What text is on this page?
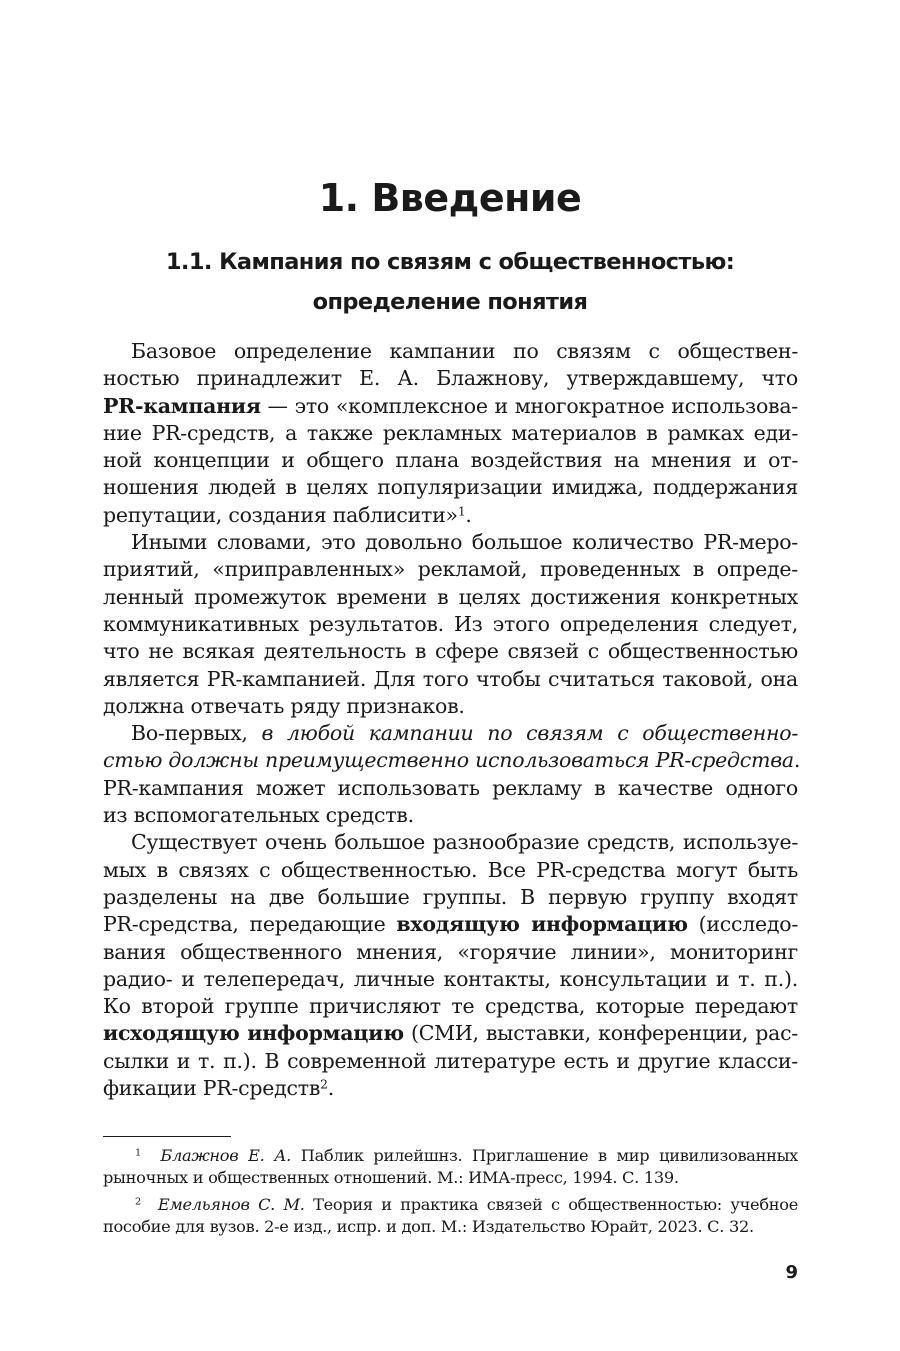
1. Введение
1.1. Кампания по связям с общественностью:
определение понятия
Базовое определение кампании по связям с обществен-
ностью принадлежит Е. А. Блажнову, утверждавшему, что
PR-кампания — это «комплексное и многократное использова-
ние PR-средств, а также рекламных материалов в рамках еди-
ной концепции и общего плана воздействия на мнения и от-
ношения людей в целях популяризации имиджа, поддержания
репутации, создания паблисити»$^1$.
Иными словами, это довольно большое количество PR-меро-
приятий, «приправленных» рекламой, проведенных в опреде-
ленный промежуток времени в целях достижения конкретных
коммуникативных результатов. Из этого определения следует,
что не всякая деятельность в сфере связей с общественностью
является PR-кампанией. Для того чтобы считаться таковой, она
должна отвечать ряду признаков.
Во-первых, в любой кампании по связям с общественно-
стью должны преимущественно использоваться PR-средства.
PR-кампания может использовать рекламу в качестве одного
из вспомогательных средств.
Существует очень большое разнообразие средств, используе-
мых в связях с общественностью. Все PR-средства могут быть
разделены на две большие группы. В первую группу входят
PR-средства, передающие входящую информацию (исследо-
вания общественного мнения, «горячие линии», мониторинг
радио- и телепередач, личные контакты, консультации и т. п.).
Ко второй группе причисляют те средства, которые передают
исходящую информацию (СМИ, выставки, конференции, рас-
сылки и т. п.). В современной литературе есть и другие класси-
фикации PR-средств$^2$.
$^1$ Блажнов Е. А. Паблик рилейшнз. Приглашение в мир цивилизованных
рыночных и общественных отношений. М.: ИМА-пресс, 1994. С. 139.
$^2$ Емельянов С. М. Теория и практика связей с общественностью: учебное
пособие для вузов. 2-е изд., испр. и доп. М.: Издательство Юрайт, 2023. С. 32.
9
